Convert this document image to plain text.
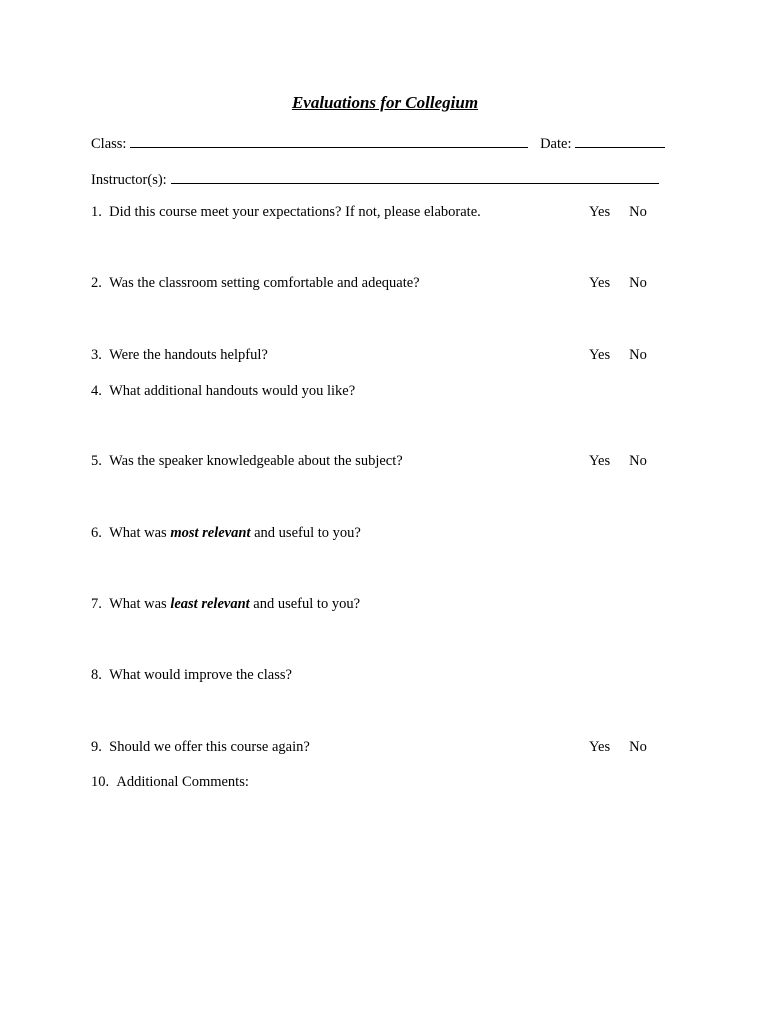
Evaluations for Collegium
Class:	Date:
Instructor(s):
1. Did this course meet your expectations? If not, please elaborate.	Yes No
2. Was the classroom setting comfortable and adequate?	Yes No
3. Were the handouts helpful?	Yes No
4. What additional handouts would you like?
5. Was the speaker knowledgeable about the subject?	Yes No
6. What was most relevant and useful to you?
7. What was least relevant and useful to you?
8. What would improve the class?
9. Should we offer this course again?	Yes No
10. Additional Comments:
